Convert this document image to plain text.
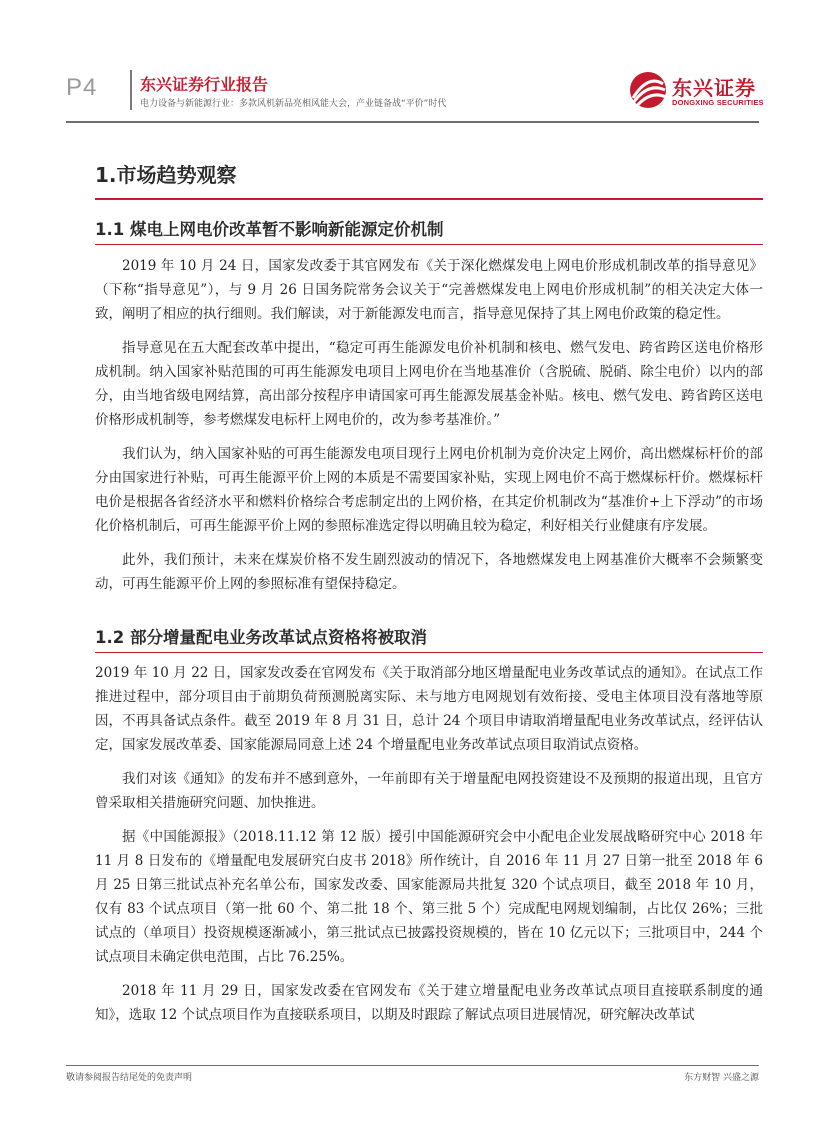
P4	东兴证券行业报告
电力设备与新能源行业：多款风机新品亮相风能大会，产业链备战“平价”时代
东兴证券
DONGXING SECURITIES
1.市场趋势观察
1.1 煤电上网电价改革暂不影响新能源定价机制

2019 年 10 月 24 日，国家发改委于其官网发布《关于深化燃煤发电上网电价形成机制改革的指导意见》（下称“指导意见”），与 9 月 26 日国务院常务会议关于“完善燃煤发电上网电价形成机制”的相关决定大体一致，阐明了相应的执行细则。我们解读，对于新能源发电而言，指导意见保持了其上网电价政策的稳定性。

指导意见在五大配套改革中提出，“稳定可再生能源发电价补机制和核电、燃气发电、跨省跨区送电价格形成机制。纳入国家补贴范围的可再生能源发电项目上网电价在当地基准价（含脱硫、脱硝、除尘电价）以内的部分，由当地省级电网结算，高出部分按程序申请国家可再生能源发展基金补贴。核电、燃气发电、跨省跨区送电价格形成机制等，参考燃煤发电标杆上网电价的，改为参考基准价。”

我们认为，纳入国家补贴的可再生能源发电项目现行上网电价机制为竞价决定上网价，高出燃煤标杆价的部分由国家进行补贴，可再生能源平价上网的本质是不需要国家补贴，实现上网电价不高于燃煤标杆价。燃煤标杆电价是根据各省经济水平和燃料价格综合考虑制定出的上网价格，在其定价机制改为“基准价+上下浮动”的市场化价格机制后，可再生能源平价上网的参照标准选定得以明确且较为稳定，利好相关行业健康有序发展。

此外，我们预计，未来在煤炭价格不发生剧烈波动的情况下，各地燃煤发电上网基准价大概率不会频繁变动，可再生能源平价上网的参照标准有望保持稳定。

1.2 部分增量配电业务改革试点资格将被取消

2019 年 10 月 22 日，国家发改委在官网发布《关于取消部分地区增量配电业务改革试点的通知》。在试点工作推进过程中，部分项目由于前期负荷预测脱离实际、未与地方电网规划有效衔接、受电主体项目没有落地等原因，不再具备试点条件。截至 2019 年 8 月 31 日，总计 24 个项目申请取消增量配电业务改革试点，经评估认定，国家发展改革委、国家能源局同意上述 24 个增量配电业务改革试点项目取消试点资格。

我们对该《通知》的发布并不感到意外，一年前即有关于增量配电网投资建设不及预期的报道出现，且官方曾采取相关措施研究问题、加快推进。

据《中国能源报》（2018.11.12 第 12 版）援引中国能源研究会中小配电企业发展战略研究中心 2018 年 11 月 8 日发布的《增量配电发展研究白皮书 2018》所作统计，自 2016 年 11 月 27 日第一批至 2018 年 6 月 25 日第三批试点补充名单公布，国家发改委、国家能源局共批复 320 个试点项目，截至 2018 年 10 月，仅有 83 个试点项目（第一批 60 个、第二批 18 个、第三批 5 个）完成配电网规划编制，占比仅 26%；三批试点的（单项目）投资规模逐渐减小，第三批试点已披露投资规模的，皆在 10 亿元以下；三批项目中，244 个试点项目未确定供电范围，占比 76.25%。

2018 年 11 月 29 日，国家发改委在官网发布《关于建立增量配电业务改革试点项目直接联系制度的通知》，选取 12 个试点项目作为直接联系项目，以期及时跟踪了解试点项目进展情况，研究解决改革试

敬请参阅报告结尾处的免责声明	东方财智 兴盛之源
